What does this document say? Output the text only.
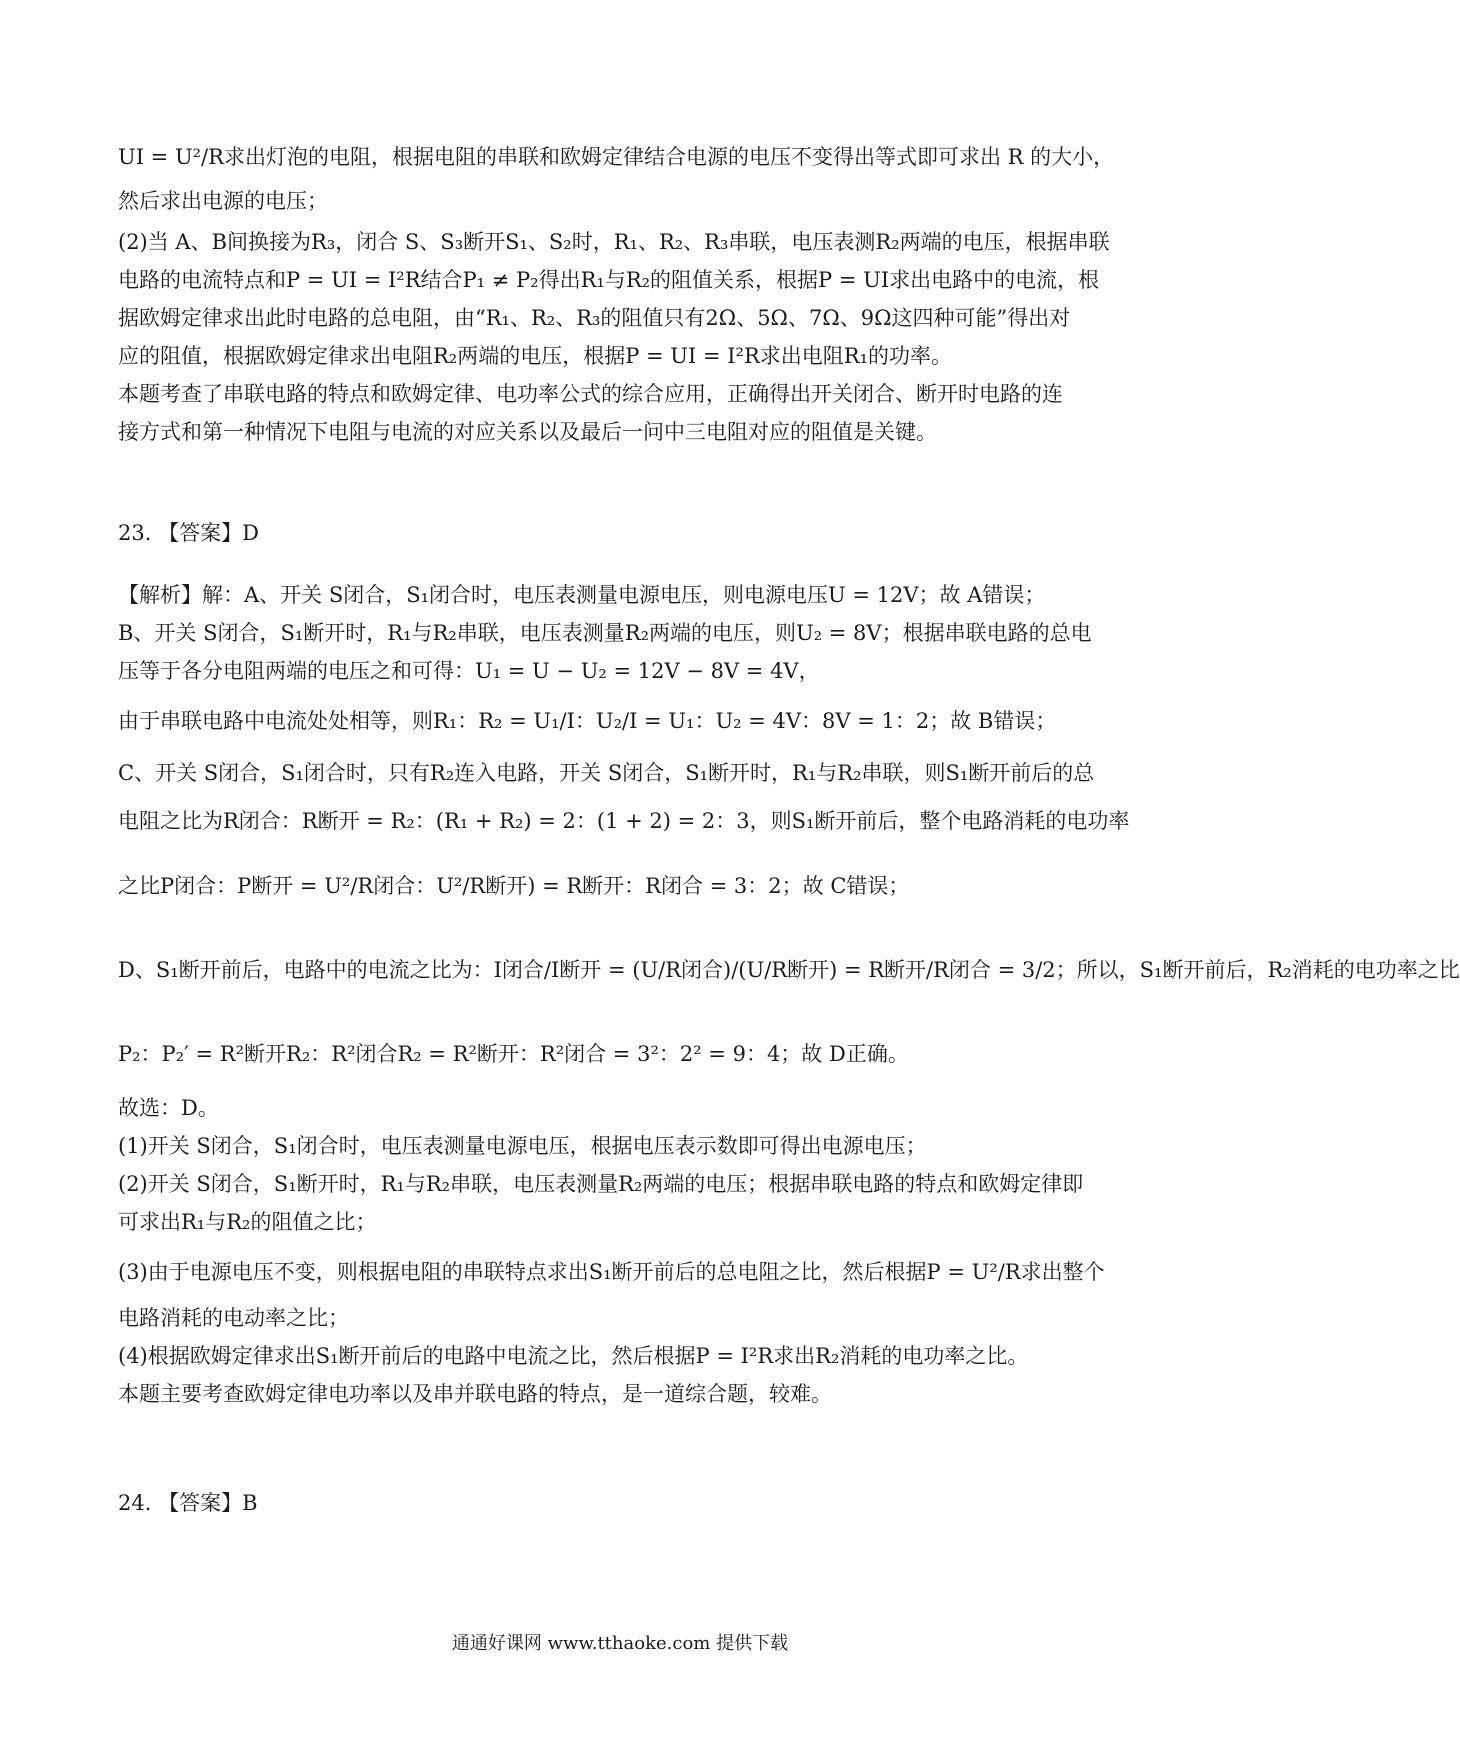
UI = U²/R求出灯泡的电阻，根据电阻的串联和欧姆定律结合电源的电压不变得出等式即可求出 R 的大小，
然后求出电源的电压；
(2)当 A、B间换接为R₃，闭合 S、S₃断开S₁、S₂时，R₁、R₂、R₃串联，电压表测R₂两端的电压，根据串联
电路的电流特点和P = UI = I²R结合P₁ ≠ P₂得出R₁与R₂的阻值关系，根据P = UI求出电路中的电流，根
据欧姆定律求出此时电路的总电阻，由“R₁、R₂、R₃的阻值只有2Ω、5Ω、7Ω、9Ω这四种可能”得出对
应的阻值，根据欧姆定律求出电阻R₂两端的电压，根据P = UI = I²R求出电阻R₁的功率。
本题考查了串联电路的特点和欧姆定律、电功率公式的综合应用，正确得出开关闭合、断开时电路的连
接方式和第一种情况下电阻与电流的对应关系以及最后一问中三电阻对应的阻值是关键。
23. 【答案】D
【解析】解：A、开关 S闭合，S₁闭合时，电压表测量电源电压，则电源电压U = 12V；故 A错误；
B、开关 S闭合，S₁断开时，R₁与R₂串联，电压表测量R₂两端的电压，则U₂ = 8V；根据串联电路的总电
压等于各分电阻两端的电压之和可得：U₁ = U − U₂ = 12V − 8V = 4V，
由于串联电路中电流处处相等，则R₁：R₂ = U₁/I：U₂/I = U₁：U₂ = 4V：8V = 1：2；故 B错误；
C、开关 S闭合，S₁闭合时，只有R₂连入电路，开关 S闭合，S₁断开时，R₁与R₂串联，则S₁断开前后的总
电阻之比为R闭合：R断开 = R₂：(R₁ + R₂) = 2：(1 + 2) = 2：3，则S₁断开前后，整个电路消耗的电功率
之比P闭合：P断开 = U²/R闭合：U²/R断开) = R断开：R闭合 = 3：2；故 C错误；
D、S₁断开前后，电路中的电流之比为：I闭合/I断开 = (U/R闭合)/(U/R断开) = R断开/R闭合 = 3/2；所以，S₁断开前后，R₂消耗的电功率之比
P₂：P₂′ = R²断开R₂：R²闭合R₂ = R²断开：R²闭合 = 3²：2² = 9：4；故 D正确。
故选：D。
(1)开关 S闭合，S₁闭合时，电压表测量电源电压，根据电压表示数即可得出电源电压；
(2)开关 S闭合，S₁断开时，R₁与R₂串联，电压表测量R₂两端的电压；根据串联电路的特点和欧姆定律即
可求出R₁与R₂的阻值之比；
(3)由于电源电压不变，则根据电阻的串联特点求出S₁断开前后的总电阻之比，然后根据P = U²/R求出整个
电路消耗的电动率之比；
(4)根据欧姆定律求出S₁断开前后的电路中电流之比，然后根据P = I²R求出R₂消耗的电功率之比。
本题主要考查欧姆定律电功率以及串并联电路的特点，是一道综合题，较难。
24. 【答案】B
通通好课网 www.tthaoke.com 提供下载
